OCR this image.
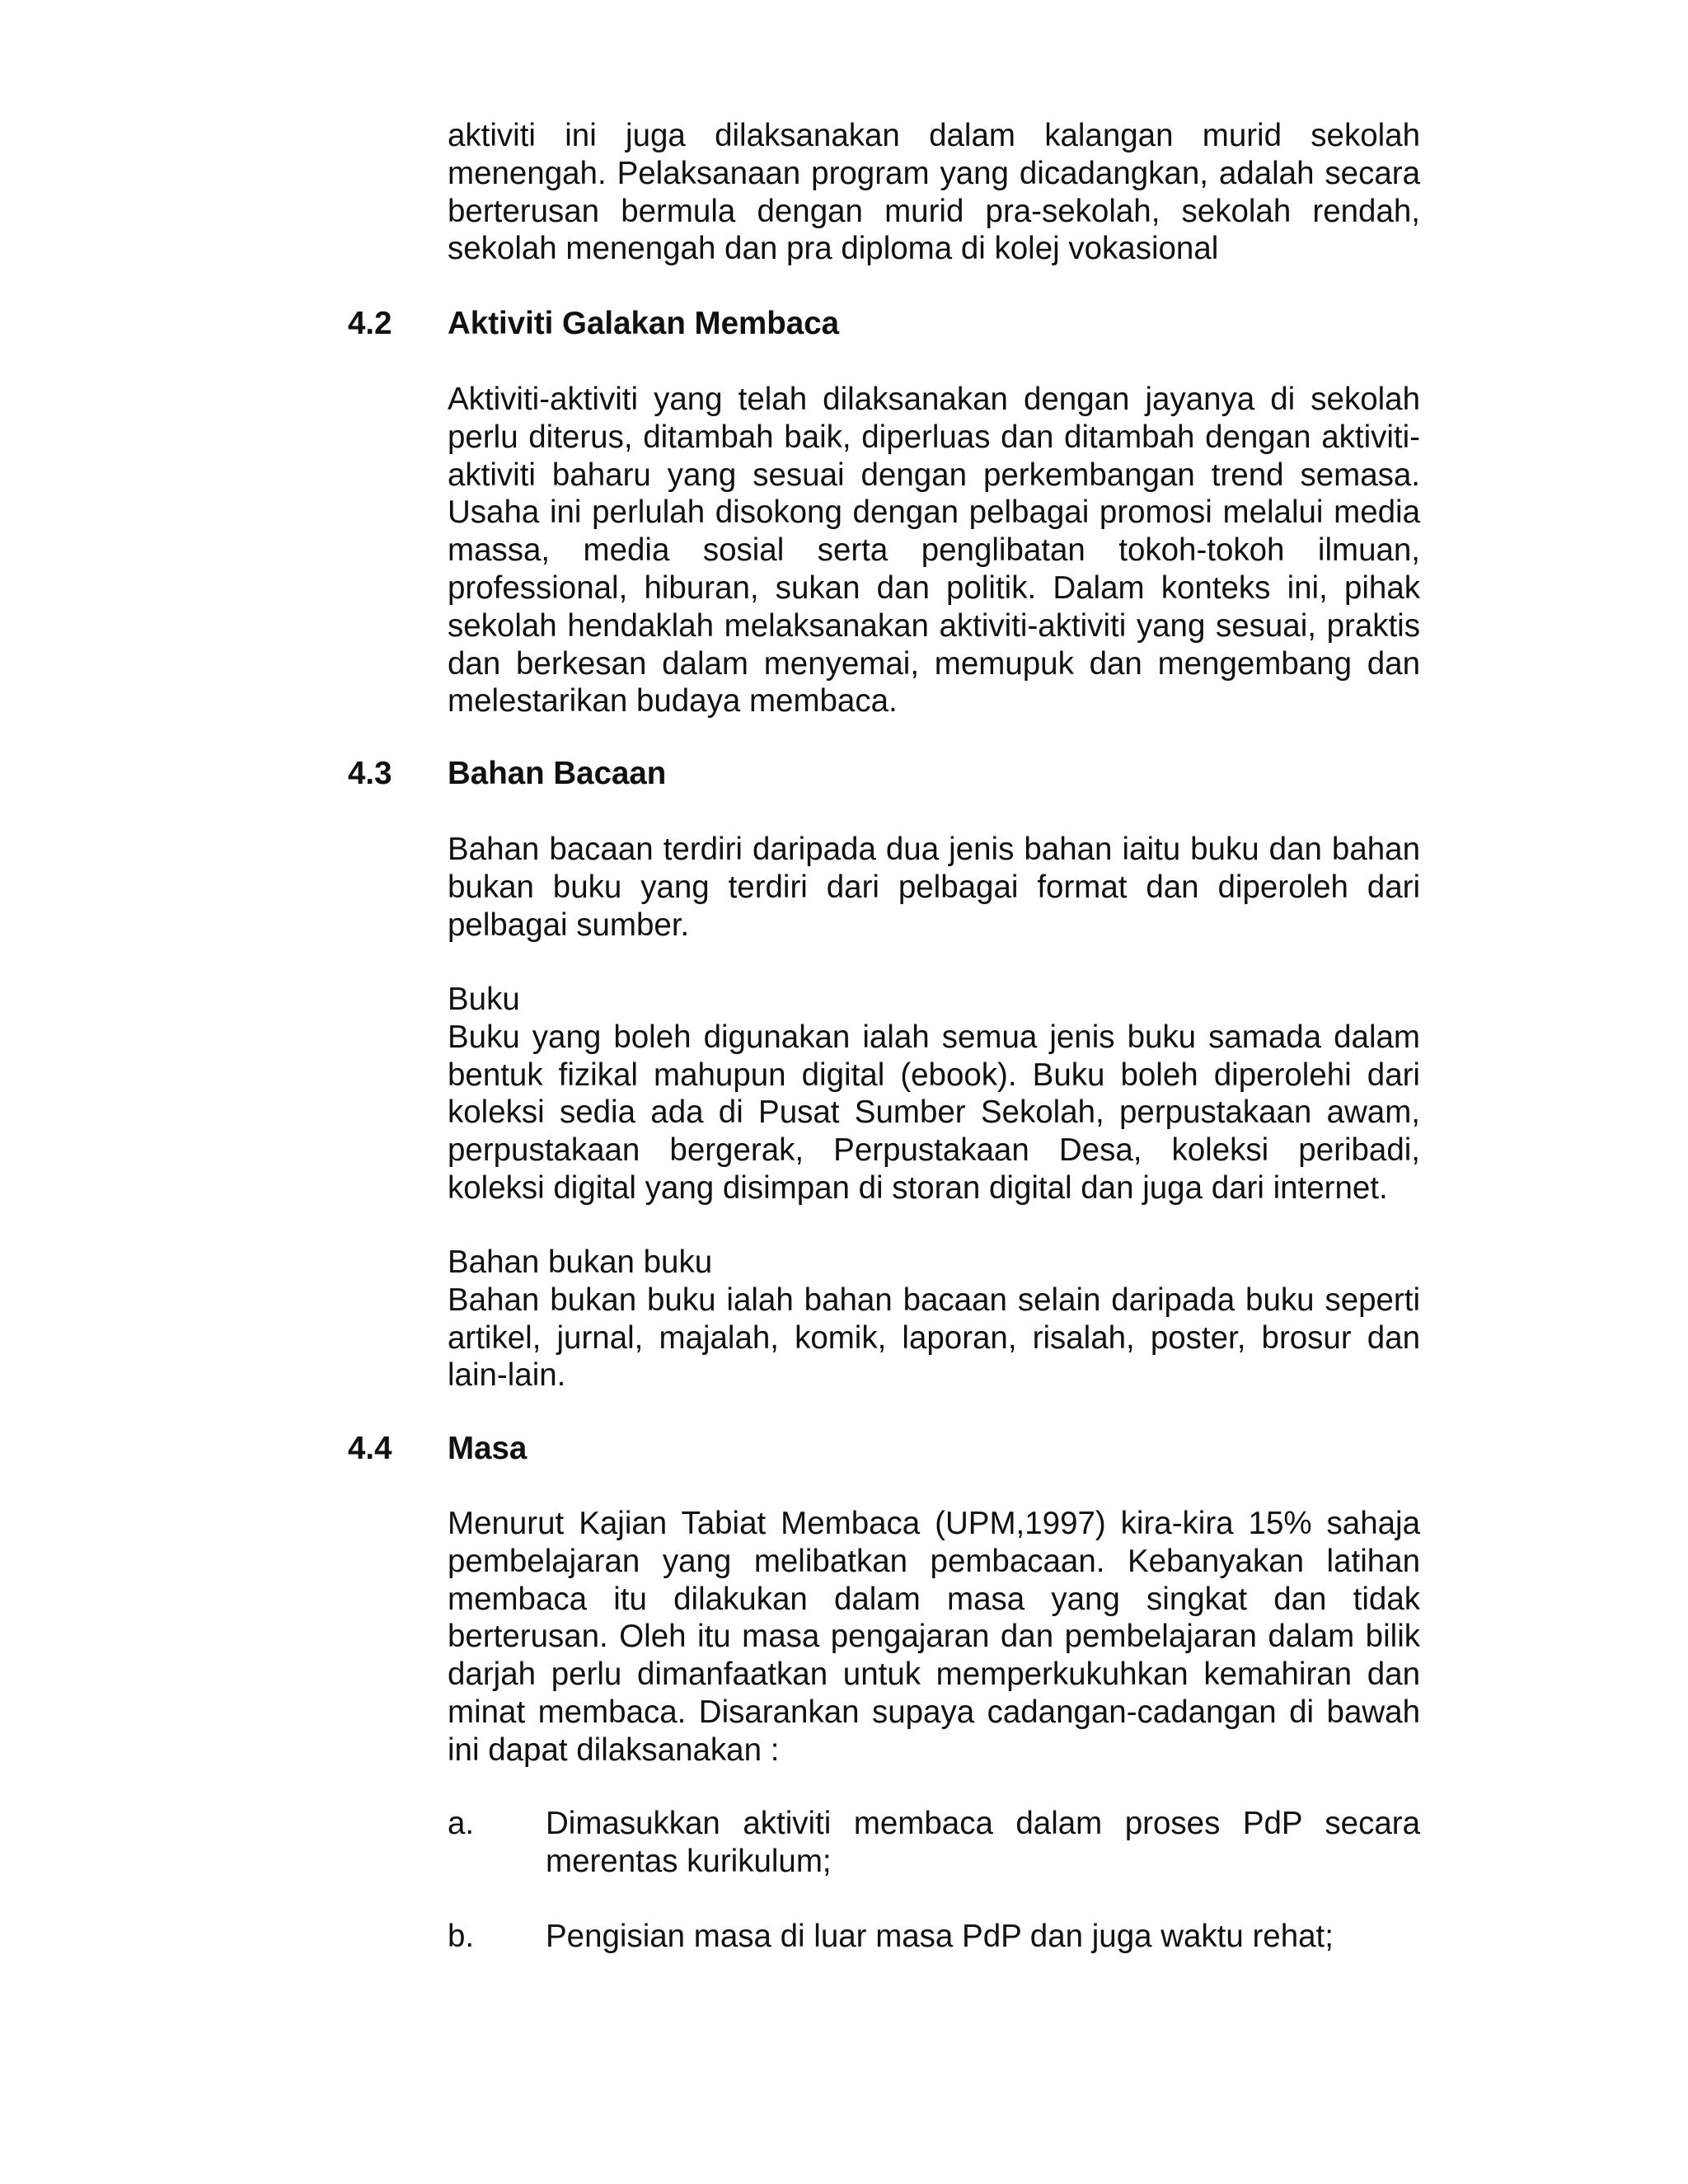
aktiviti ini juga dilaksanakan dalam kalangan murid sekolah menengah. Pelaksanaan program yang dicadangkan, adalah secara berterusan bermula dengan murid pra-sekolah, sekolah rendah, sekolah menengah dan pra diploma di kolej vokasional

4.2 Aktiviti Galakan Membaca

Aktiviti-aktiviti yang telah dilaksanakan dengan jayanya di sekolah perlu diterus, ditambah baik, diperluas dan ditambah dengan aktiviti-aktiviti baharu yang sesuai dengan perkembangan trend semasa. Usaha ini perlulah disokong dengan pelbagai promosi melalui media massa, media sosial serta penglibatan tokoh-tokoh ilmuan, professional, hiburan, sukan dan politik. Dalam konteks ini, pihak sekolah hendaklah melaksanakan aktiviti-aktiviti yang sesuai, praktis dan berkesan dalam menyemai, memupuk dan mengembang dan melestarikan budaya membaca.

4.3 Bahan Bacaan

Bahan bacaan terdiri daripada dua jenis bahan iaitu buku dan bahan bukan buku yang terdiri dari pelbagai format dan diperoleh dari pelbagai sumber.

Buku

Buku yang boleh digunakan ialah semua jenis buku samada dalam bentuk fizikal mahupun digital (ebook). Buku boleh diperolehi dari koleksi sedia ada di Pusat Sumber Sekolah, perpustakaan awam, perpustakaan bergerak, Perpustakaan Desa, koleksi peribadi, koleksi digital yang disimpan di storan digital dan juga dari internet.

Bahan bukan buku

Bahan bukan buku ialah bahan bacaan selain daripada buku seperti artikel, jurnal, majalah, komik, laporan, risalah, poster, brosur dan lain-lain.

4.4 Masa

Menurut Kajian Tabiat Membaca (UPM,1997) kira-kira 15% sahaja pembelajaran yang melibatkan pembacaan. Kebanyakan latihan membaca itu dilakukan dalam masa yang singkat dan tidak berterusan. Oleh itu masa pengajaran dan pembelajaran dalam bilik darjah perlu dimanfaatkan untuk memperkukuhkan kemahiran dan minat membaca. Disarankan supaya cadangan-cadangan di bawah ini dapat dilaksanakan :

a. Dimasukkan aktiviti membaca dalam proses PdP secara merentas kurikulum;
b. Pengisian masa di luar masa PdP dan juga waktu rehat;
